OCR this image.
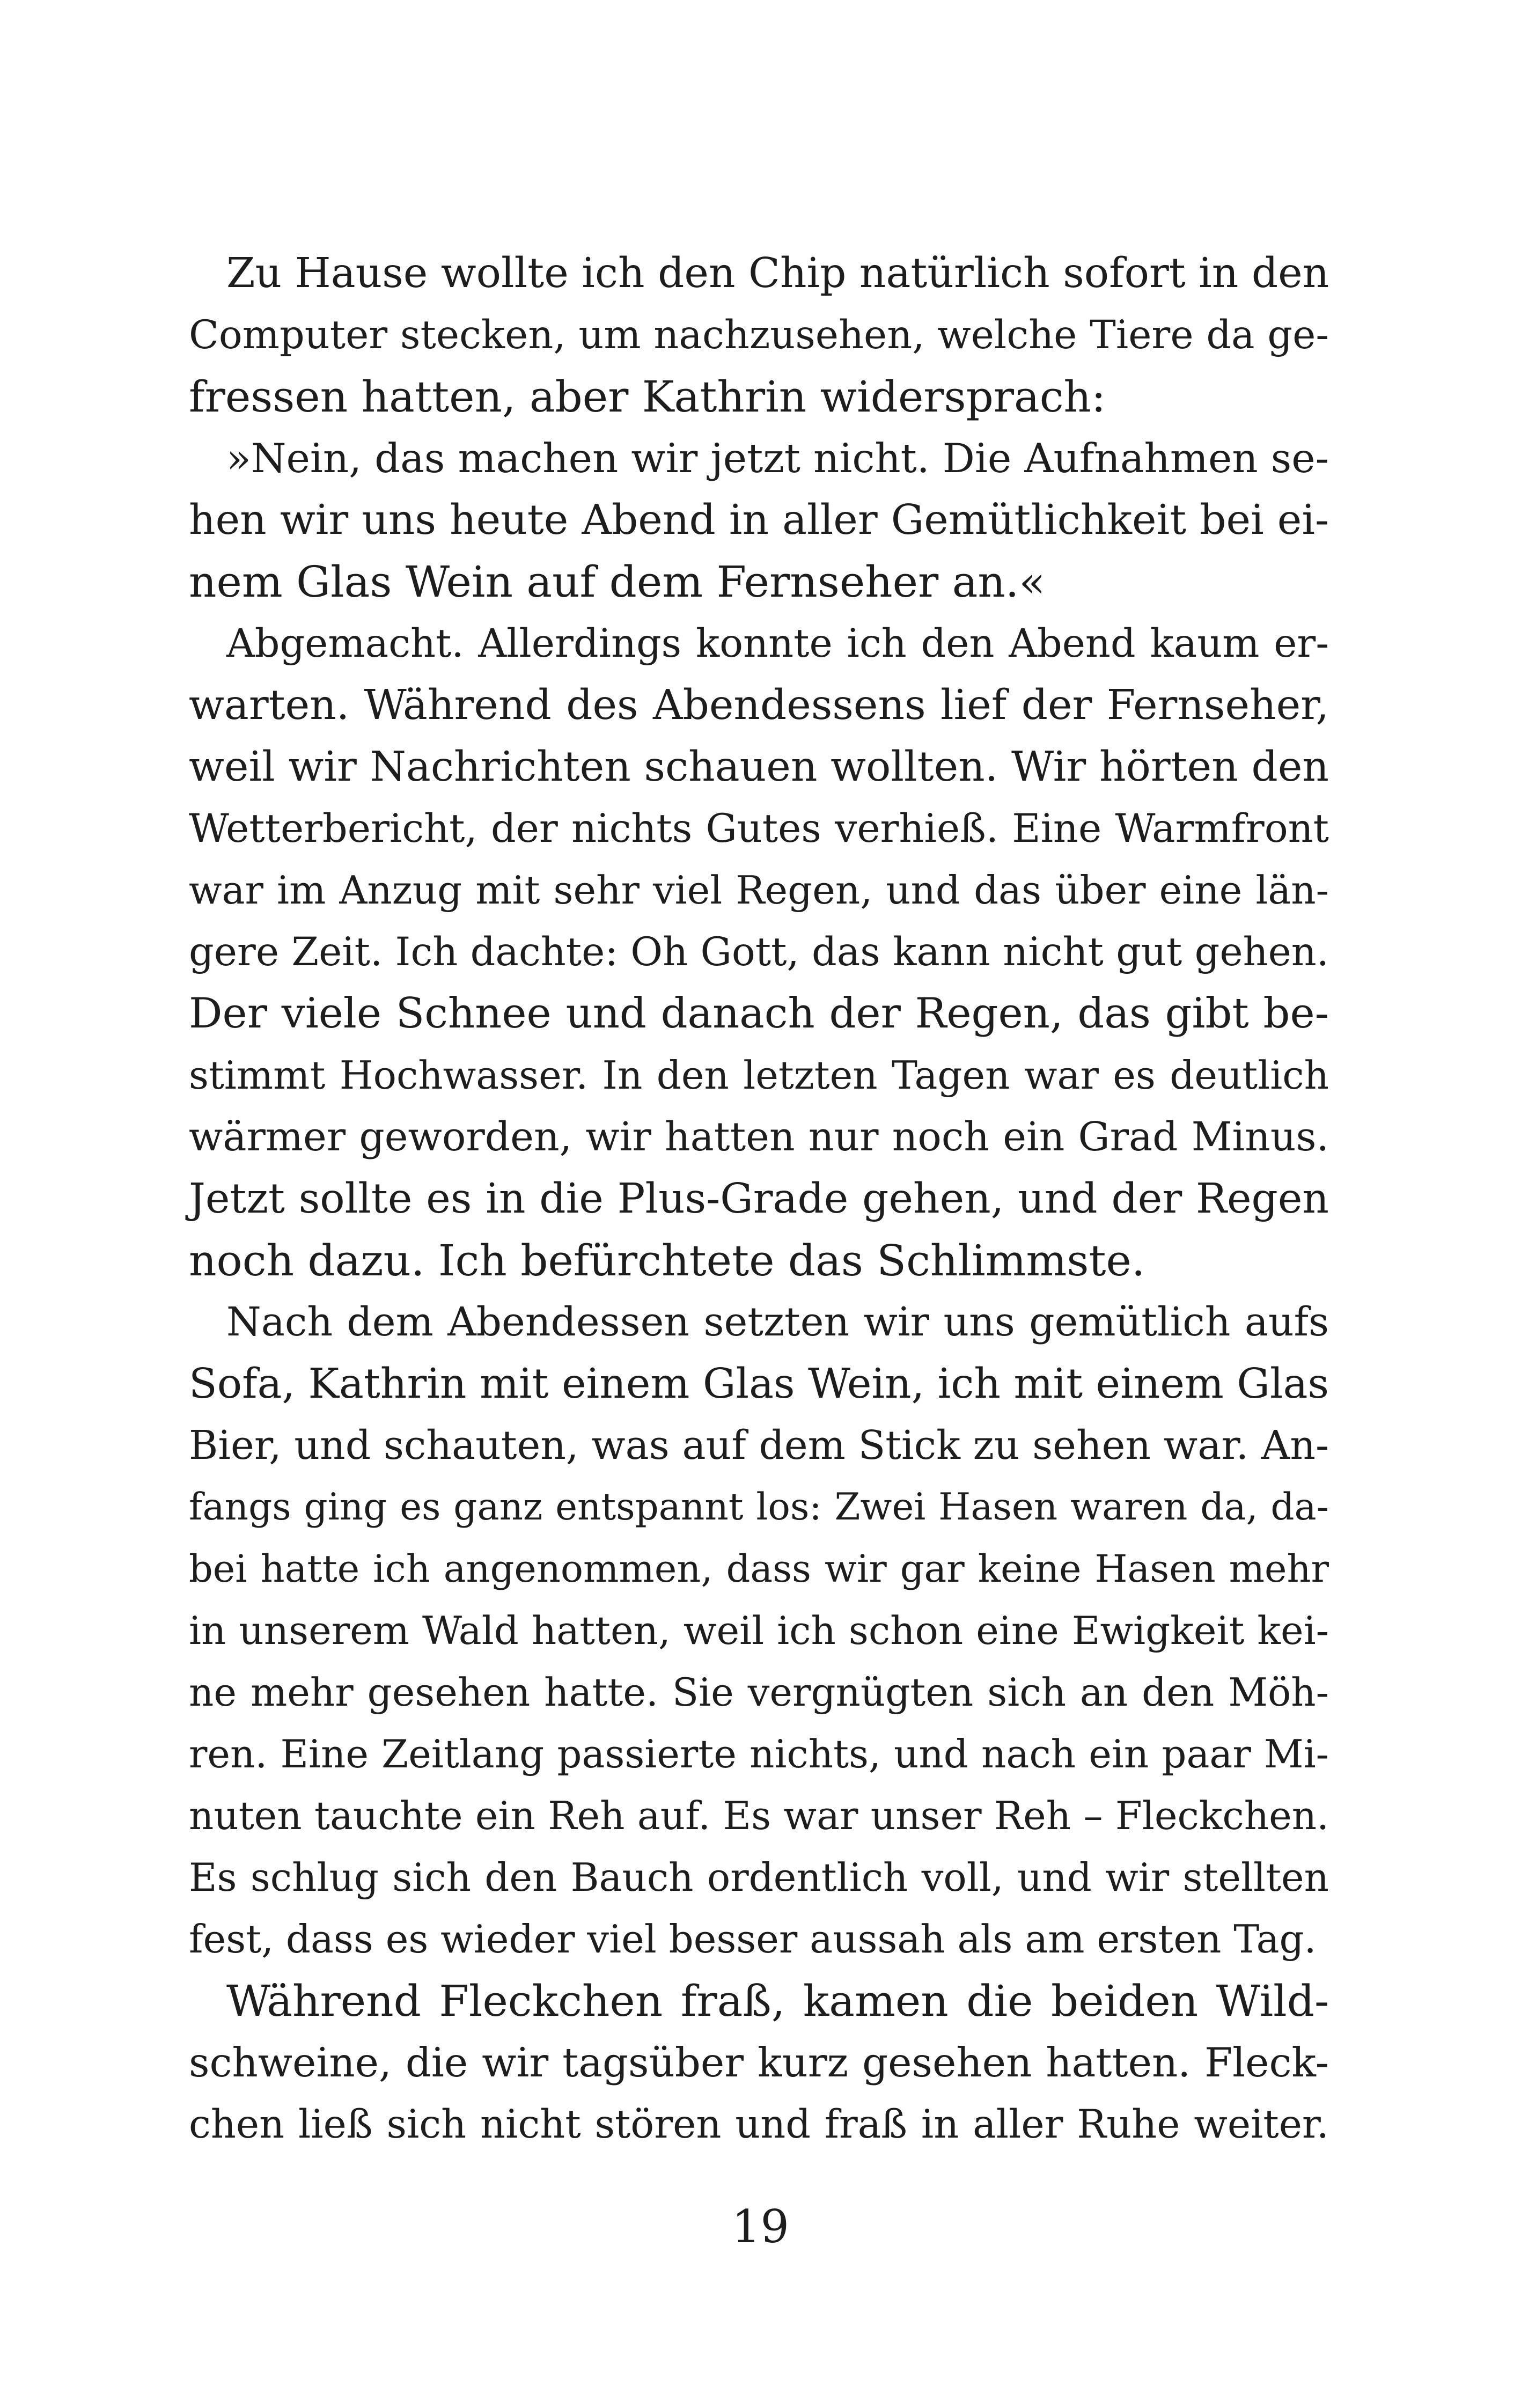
Zu Hause wollte ich den Chip natürlich sofort in den
Computer stecken, um nachzusehen, welche Tiere da ge-
fressen hatten, aber Kathrin widersprach:
»Nein, das machen wir jetzt nicht. Die Aufnahmen se-
hen wir uns heute Abend in aller Gemütlichkeit bei ei-
nem Glas Wein auf dem Fernseher an.«
Abgemacht. Allerdings konnte ich den Abend kaum er-
warten. Während des Abendessens lief der Fernseher,
weil wir Nachrichten schauen wollten. Wir hörten den
Wetterbericht, der nichts Gutes verhieß. Eine Warmfront
war im Anzug mit sehr viel Regen, und das über eine län-
gere Zeit. Ich dachte: Oh Gott, das kann nicht gut gehen.
Der viele Schnee und danach der Regen, das gibt be-
stimmt Hochwasser. In den letzten Tagen war es deutlich
wärmer geworden, wir hatten nur noch ein Grad Minus.
Jetzt sollte es in die Plus-Grade gehen, und der Regen
noch dazu. Ich befürchtete das Schlimmste.
Nach dem Abendessen setzten wir uns gemütlich aufs
Sofa, Kathrin mit einem Glas Wein, ich mit einem Glas
Bier, und schauten, was auf dem Stick zu sehen war. An-
fangs ging es ganz entspannt los: Zwei Hasen waren da, da-
bei hatte ich angenommen, dass wir gar keine Hasen mehr
in unserem Wald hatten, weil ich schon eine Ewigkeit kei-
ne mehr gesehen hatte. Sie vergnügten sich an den Möh-
ren. Eine Zeitlang passierte nichts, und nach ein paar Mi-
nuten tauchte ein Reh auf. Es war unser Reh – Fleckchen.
Es schlug sich den Bauch ordentlich voll, und wir stellten
fest, dass es wieder viel besser aussah als am ersten Tag.
Während Fleckchen fraß, kamen die beiden Wild-
schweine, die wir tagsüber kurz gesehen hatten. Fleck-
chen ließ sich nicht stören und fraß in aller Ruhe weiter.
19
